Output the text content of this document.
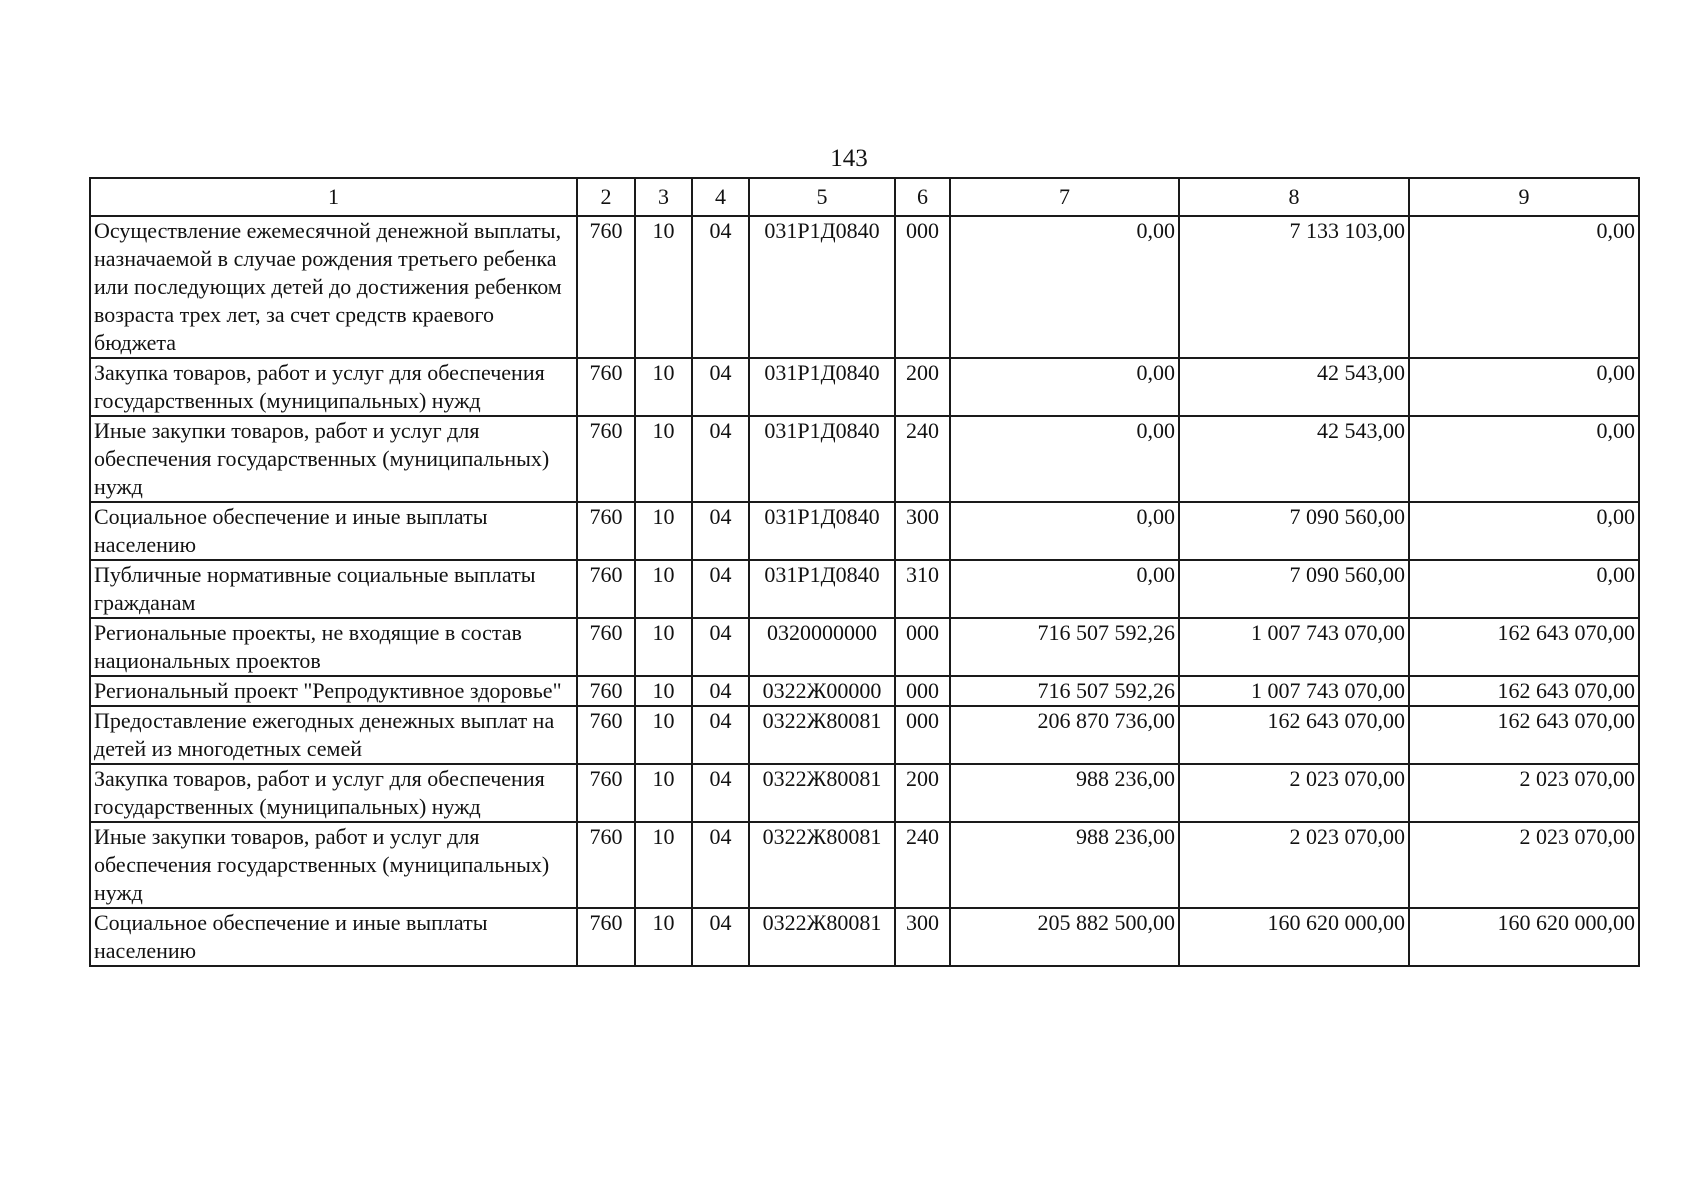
143
1	2	3	4	5	6	7	8	9
Осуществление ежемесячной денежной выплаты, назначаемой в случае рождения третьего ребенка или последующих детей до достижения ребенком возраста трех лет, за счет средств краевого бюджета	760	10	04	031Р1Д0840	000	0,00	7 133 103,00	0,00
Закупка товаров, работ и услуг для обеспечения государственных (муниципальных) нужд	760	10	04	031Р1Д0840	200	0,00	42 543,00	0,00
Иные закупки товаров, работ и услуг для обеспечения государственных (муниципальных) нужд	760	10	04	031Р1Д0840	240	0,00	42 543,00	0,00
Социальное обеспечение и иные выплаты населению	760	10	04	031Р1Д0840	300	0,00	7 090 560,00	0,00
Публичные нормативные социальные выплаты гражданам	760	10	04	031Р1Д0840	310	0,00	7 090 560,00	0,00
Региональные проекты, не входящие в состав национальных проектов	760	10	04	0320000000	000	716 507 592,26	1 007 743 070,00	162 643 070,00
Региональный проект "Репродуктивное здоровье"	760	10	04	0322Ж00000	000	716 507 592,26	1 007 743 070,00	162 643 070,00
Предоставление ежегодных денежных выплат на детей из многодетных семей	760	10	04	0322Ж80081	000	206 870 736,00	162 643 070,00	162 643 070,00
Закупка товаров, работ и услуг для обеспечения государственных (муниципальных) нужд	760	10	04	0322Ж80081	200	988 236,00	2 023 070,00	2 023 070,00
Иные закупки товаров, работ и услуг для обеспечения государственных (муниципальных) нужд	760	10	04	0322Ж80081	240	988 236,00	2 023 070,00	2 023 070,00
Социальное обеспечение и иные выплаты населению	760	10	04	0322Ж80081	300	205 882 500,00	160 620 000,00	160 620 000,00
